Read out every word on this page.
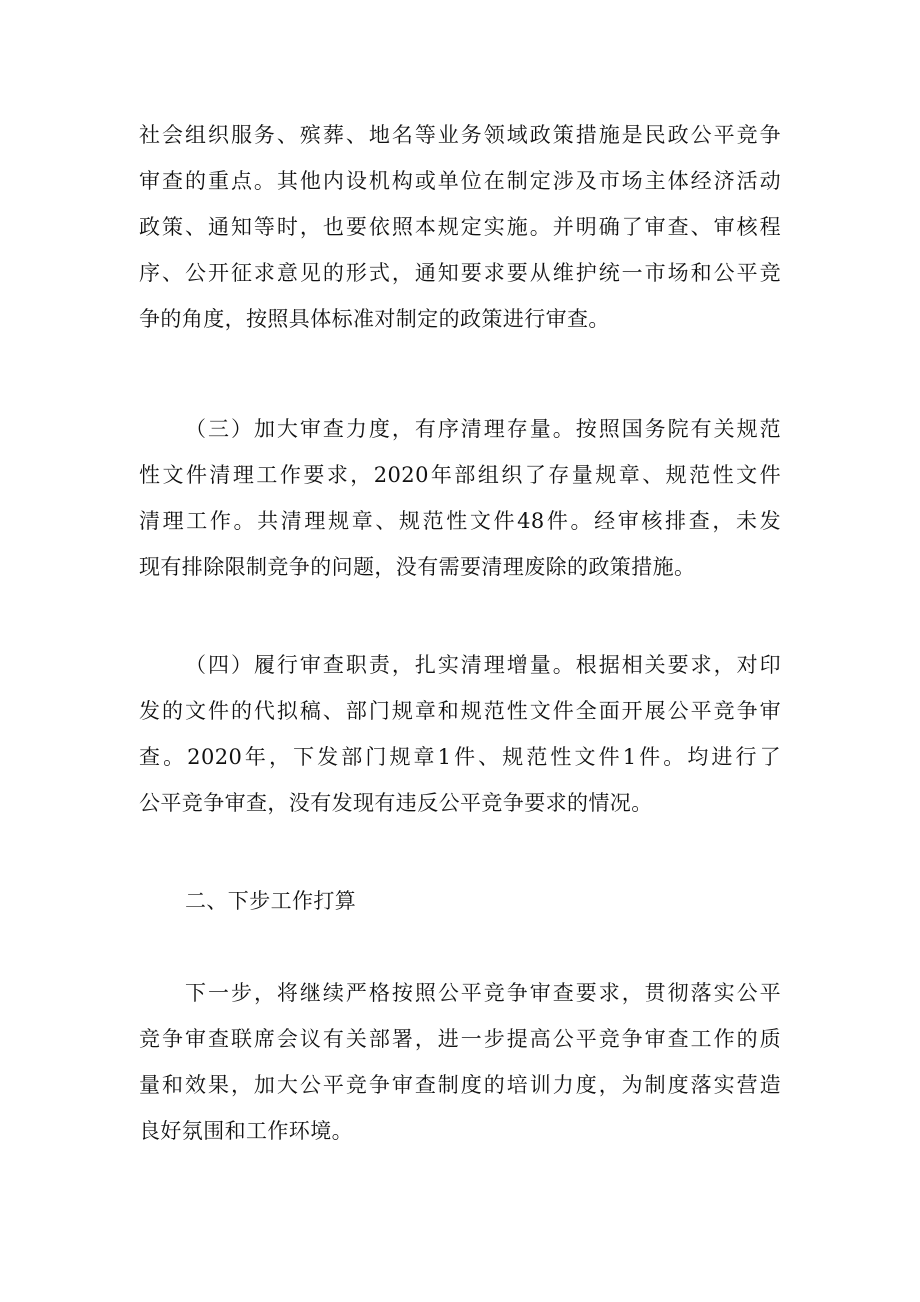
社会组织服务、殡葬、地名等业务领域政策措施是民政公平竞争
审查的重点。其他内设机构或单位在制定涉及市场主体经济活动
政策、通知等时，也要依照本规定实施。并明确了审查、审核程
序、公开征求意见的形式，通知要求要从维护统一市场和公平竞
争的角度，按照具体标准对制定的政策进行审查。
（三）加大审查力度，有序清理存量。按照国务院有关规范
性文件清理工作要求，2020年部组织了存量规章、规范性文件
清理工作。共清理规章、规范性文件48件。经审核排查，未发
现有排除限制竞争的问题，没有需要清理废除的政策措施。
（四）履行审查职责，扎实清理增量。根据相关要求，对印
发的文件的代拟稿、部门规章和规范性文件全面开展公平竞争审
查。2020年，下发部门规章1件、规范性文件1件。均进行了
公平竞争审查，没有发现有违反公平竞争要求的情况。
二、下步工作打算
下一步，将继续严格按照公平竞争审查要求，贯彻落实公平
竞争审查联席会议有关部署，进一步提高公平竞争审查工作的质
量和效果，加大公平竞争审查制度的培训力度，为制度落实营造
良好氛围和工作环境。
